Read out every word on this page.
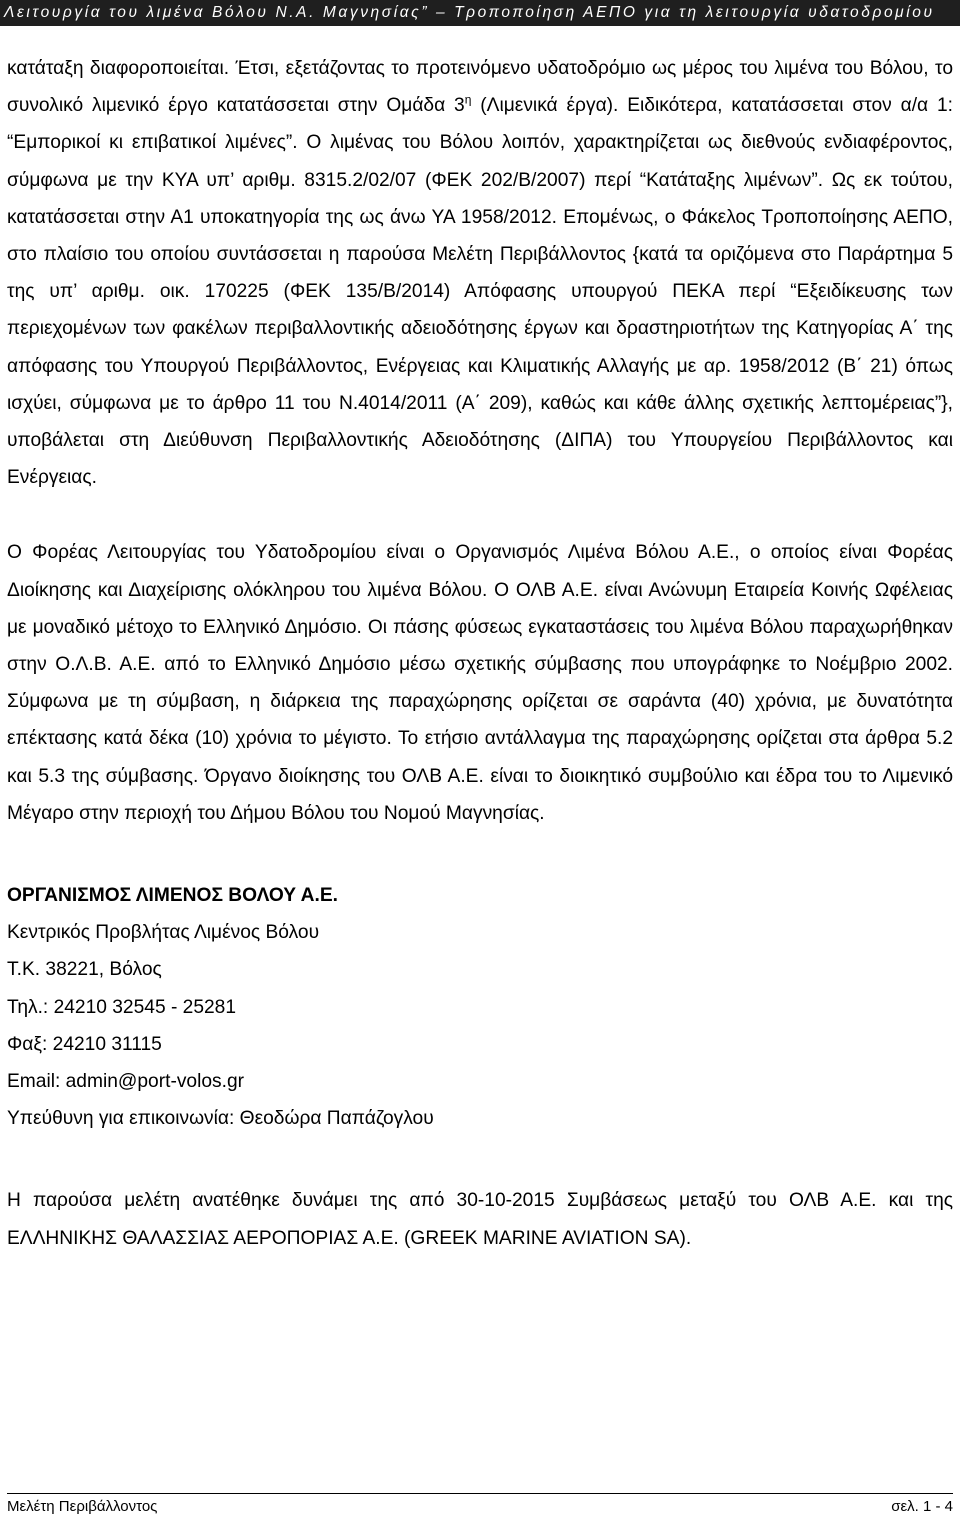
Λειτουργία του λιμένα Βόλου Ν.Α. Μαγνησίας” – Τροποποίηση ΑΕΠΟ για τη λειτουργία υδατοδρομίου

κατάταξη διαφοροποιείται. Έτσι, εξετάζοντας το προτεινόμενο υδατοδρόμιο ως μέρος του λιμένα του Βόλου, το συνολικό λιμενικό έργο κατατάσσεται στην Ομάδα $3^\eta$ (Λιμενικά έργα). Ειδικότερα, κατατάσσεται στον α/α 1: “Εμπορικοί κι επιβατικοί λιμένες”. Ο λιμένας του Βόλου λοιπόν, χαρακτηρίζεται ως διεθνούς ενδιαφέροντος, σύμφωνα με την ΚΥΑ υπ’ αριθμ. 8315.2/02/07 (ΦΕΚ 202/Β/2007) περί “Κατάταξης λιμένων”. Ως εκ τούτου, κατατάσσεται στην Α1 υποκατηγορία της ως άνω ΥΑ 1958/2012. Επομένως, ο Φάκελος Τροποποίησης ΑΕΠΟ, στο πλαίσιο του οποίου συντάσσεται η παρούσα Μελέτη Περιβάλλοντος {κατά τα οριζόμενα στο Παράρτημα 5 της υπ’ αριθμ. οικ. 170225 (ΦΕΚ 135/Β/2014) Απόφασης υπουργού ΠΕΚΑ περί “Εξειδίκευσης των περιεχομένων των φακέλων περιβαλλοντικής αδειοδότησης έργων και δραστηριοτήτων της Κατηγορίας Α΄ της απόφασης του Υπουργού Περιβάλλοντος, Ενέργειας και Κλιματικής Αλλαγής με αρ. 1958/2012 (Β΄ 21) όπως ισχύει, σύμφωνα με το άρθρο 11 του Ν.4014/2011 (Α΄ 209), καθώς και κάθε άλλης σχετικής λεπτομέρειας”}, υποβάλεται στη Διεύθυνση Περιβαλλοντικής Αδειοδότησης (ΔΙΠΑ) του Υπουργείου Περιβάλλοντος και Ενέργειας.

Ο Φορέας Λειτουργίας του Υδατοδρομίου είναι ο Οργανισμός Λιμένα Βόλου Α.Ε., ο οποίος είναι Φορέας Διοίκησης και Διαχείρισης ολόκληρου του λιμένα Βόλου. Ο ΟΛΒ Α.Ε. είναι Ανώνυμη Εταιρεία Κοινής Ωφέλειας με μοναδικό μέτοχο το Ελληνικό Δημόσιο. Οι πάσης φύσεως εγκαταστάσεις του λιμένα Βόλου παραχωρήθηκαν στην Ο.Λ.Β. Α.Ε. από το Ελληνικό Δημόσιο μέσω σχετικής σύμβασης που υπογράφηκε το Νοέμβριο 2002. Σύμφωνα με τη σύμβαση, η διάρκεια της παραχώρησης ορίζεται σε σαράντα (40) χρόνια, με δυνατότητα επέκτασης κατά δέκα (10) χρόνια το μέγιστο. Το ετήσιο αντάλλαγμα της παραχώρησης ορίζεται στα άρθρα 5.2 και 5.3 της σύμβασης. Όργανο διοίκησης του ΟΛΒ Α.Ε. είναι το διοικητικό συμβούλιο και έδρα του το Λιμενικό Μέγαρο στην περιοχή του Δήμου Βόλου του Νομού Μαγνησίας.

ΟΡΓΑΝΙΣΜΟΣ ΛΙΜΕΝΟΣ ΒΟΛΟΥ Α.Ε.

Κεντρικός Προβλήτας Λιμένος Βόλου

Τ.Κ. 38221, Βόλος

Τηλ.: 24210 32545 - 25281

Φαξ: 24210 31115

Email: admin@port-volos.gr

Υπεύθυνη για επικοινωνία: Θεοδώρα Παπάζογλου

Η παρούσα μελέτη ανατέθηκε δυνάμει της από 30-10-2015 Συμβάσεως μεταξύ του ΟΛΒ Α.Ε. και της ΕΛΛΗΝΙΚΗΣ ΘΑΛΑΣΣΙΑΣ ΑΕΡΟΠΟΡΙΑΣ Α.Ε. (GREEK MARINE AVIATION SA).

Μελέτη Περιβάλλοντος	σελ. 1 - 4
